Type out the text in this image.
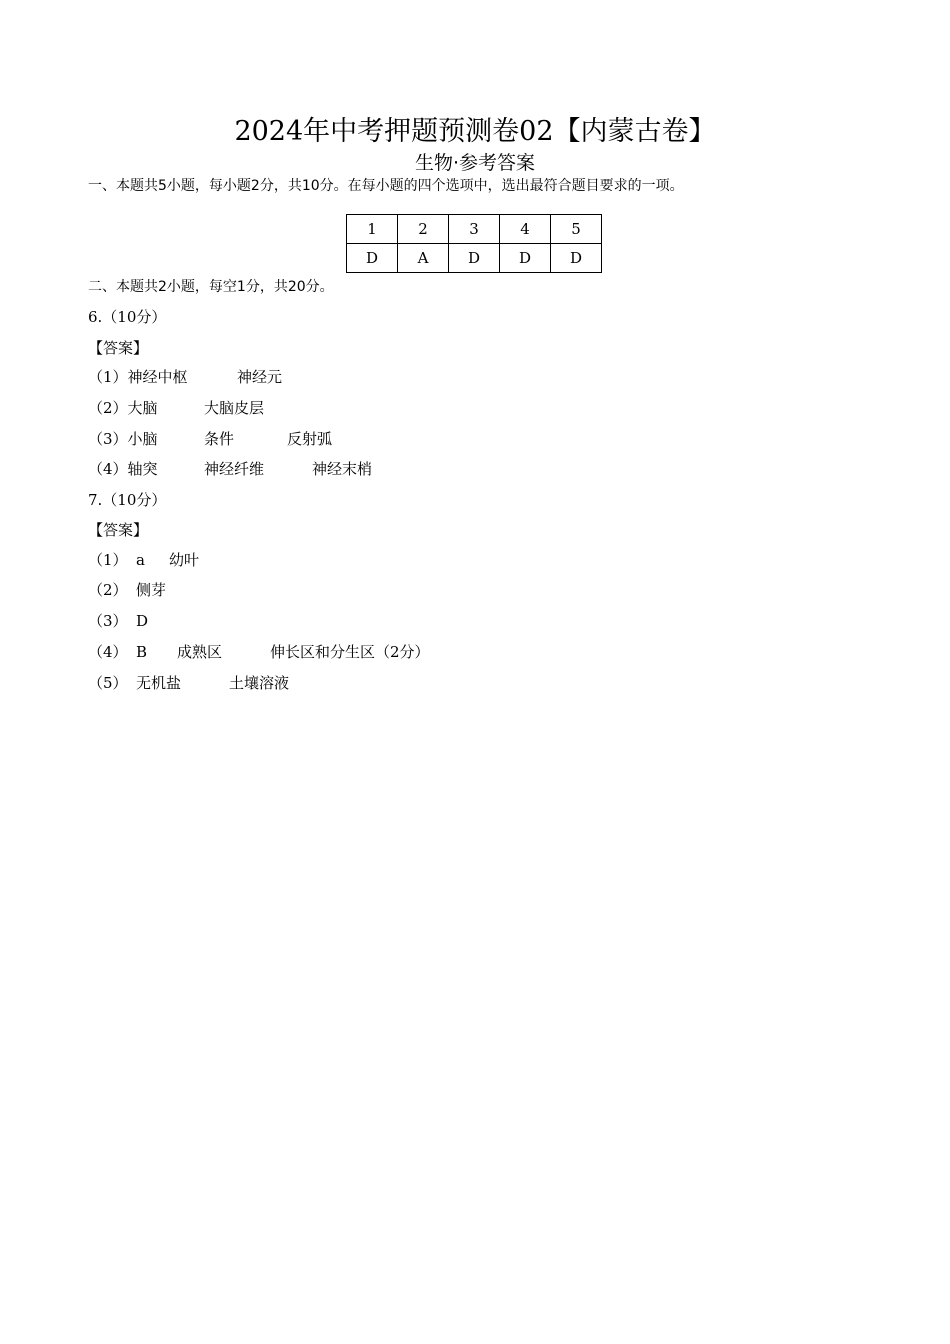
2024年中考押题预测卷02【内蒙古卷】
生物·参考答案
一、本题共5小题，每小题2分，共10分。在每小题的四个选项中，选出最符合题目要求的一项。
1	2	3	4	5
D	A	D	D	D
二、本题共2小题，每空1分，共20分。
6.（10分）
【答案】
（1）神经中枢	神经元
（2）大脑	大脑皮层
（3）小脑	条件	反射弧
（4）轴突	神经纤维	神经末梢
7.（10分）
【答案】
（1） a 幼叶
（2） 侧芽
（3） D
（4） B 成熟区	伸长区和分生区（2分）
（5） 无机盐	土壤溶液
